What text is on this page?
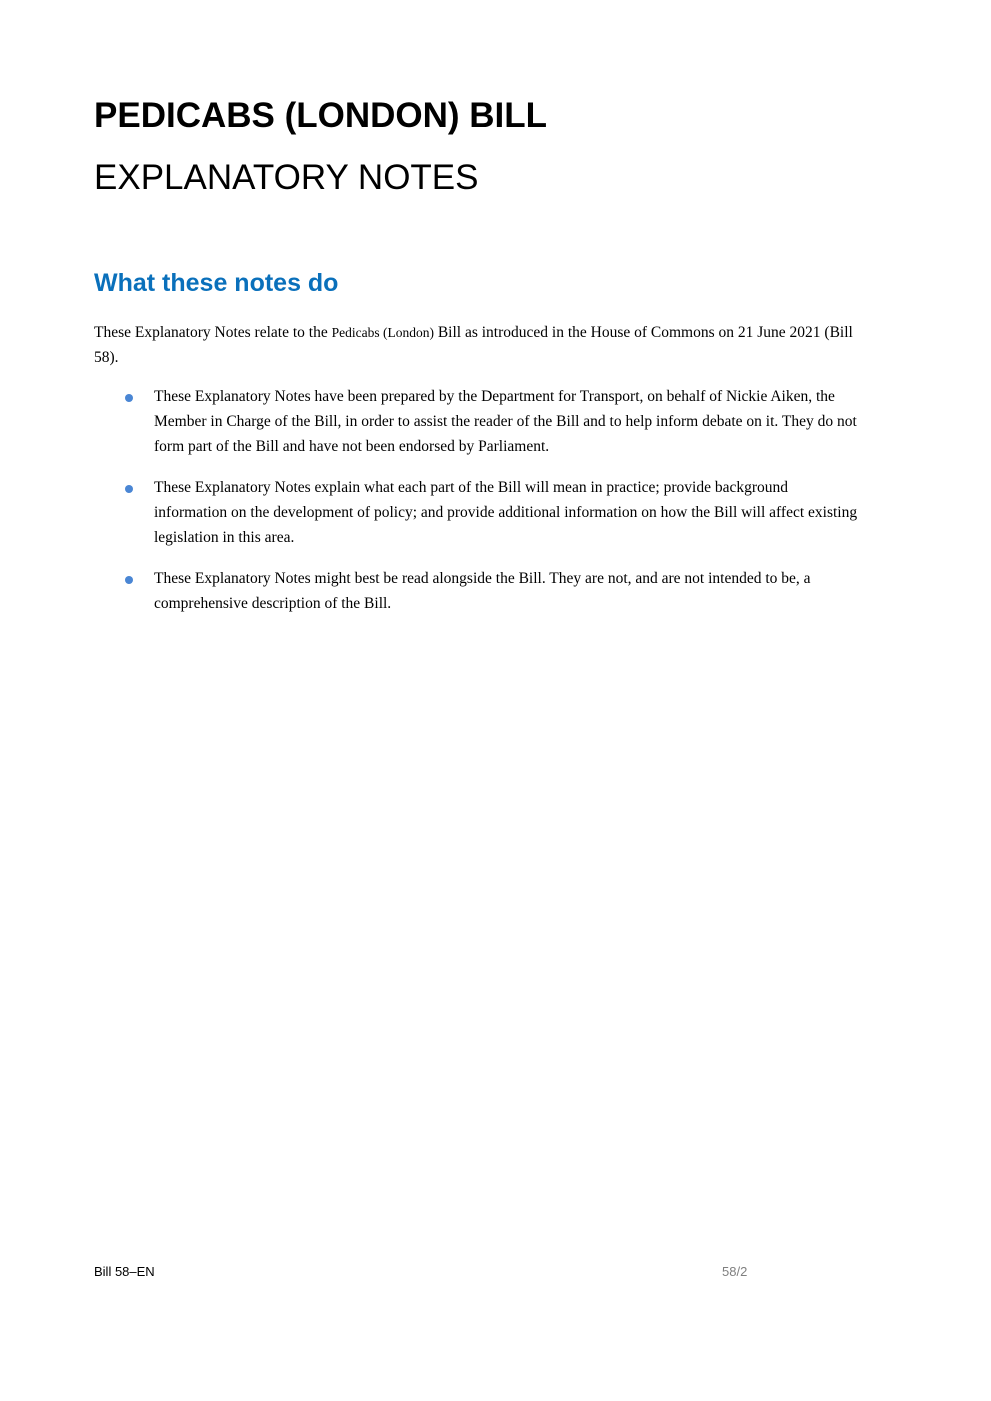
PEDICABS (LONDON) BILL
EXPLANATORY NOTES
What these notes do

These Explanatory Notes relate to the Pedicabs (London) Bill as introduced in the House of Commons on 21 June 2021 (Bill 58).

These Explanatory Notes have been prepared by the Department for Transport, on behalf of Nickie Aiken, the Member in Charge of the Bill, in order to assist the reader of the Bill and to help inform debate on it. They do not form part of the Bill and have not been endorsed by Parliament.
These Explanatory Notes explain what each part of the Bill will mean in practice; provide background information on the development of policy; and provide additional information on how the Bill will affect existing legislation in this area.
These Explanatory Notes might best be read alongside the Bill. They are not, and are not intended to be, a comprehensive description of the Bill.
Bill 58–EN	58/2
